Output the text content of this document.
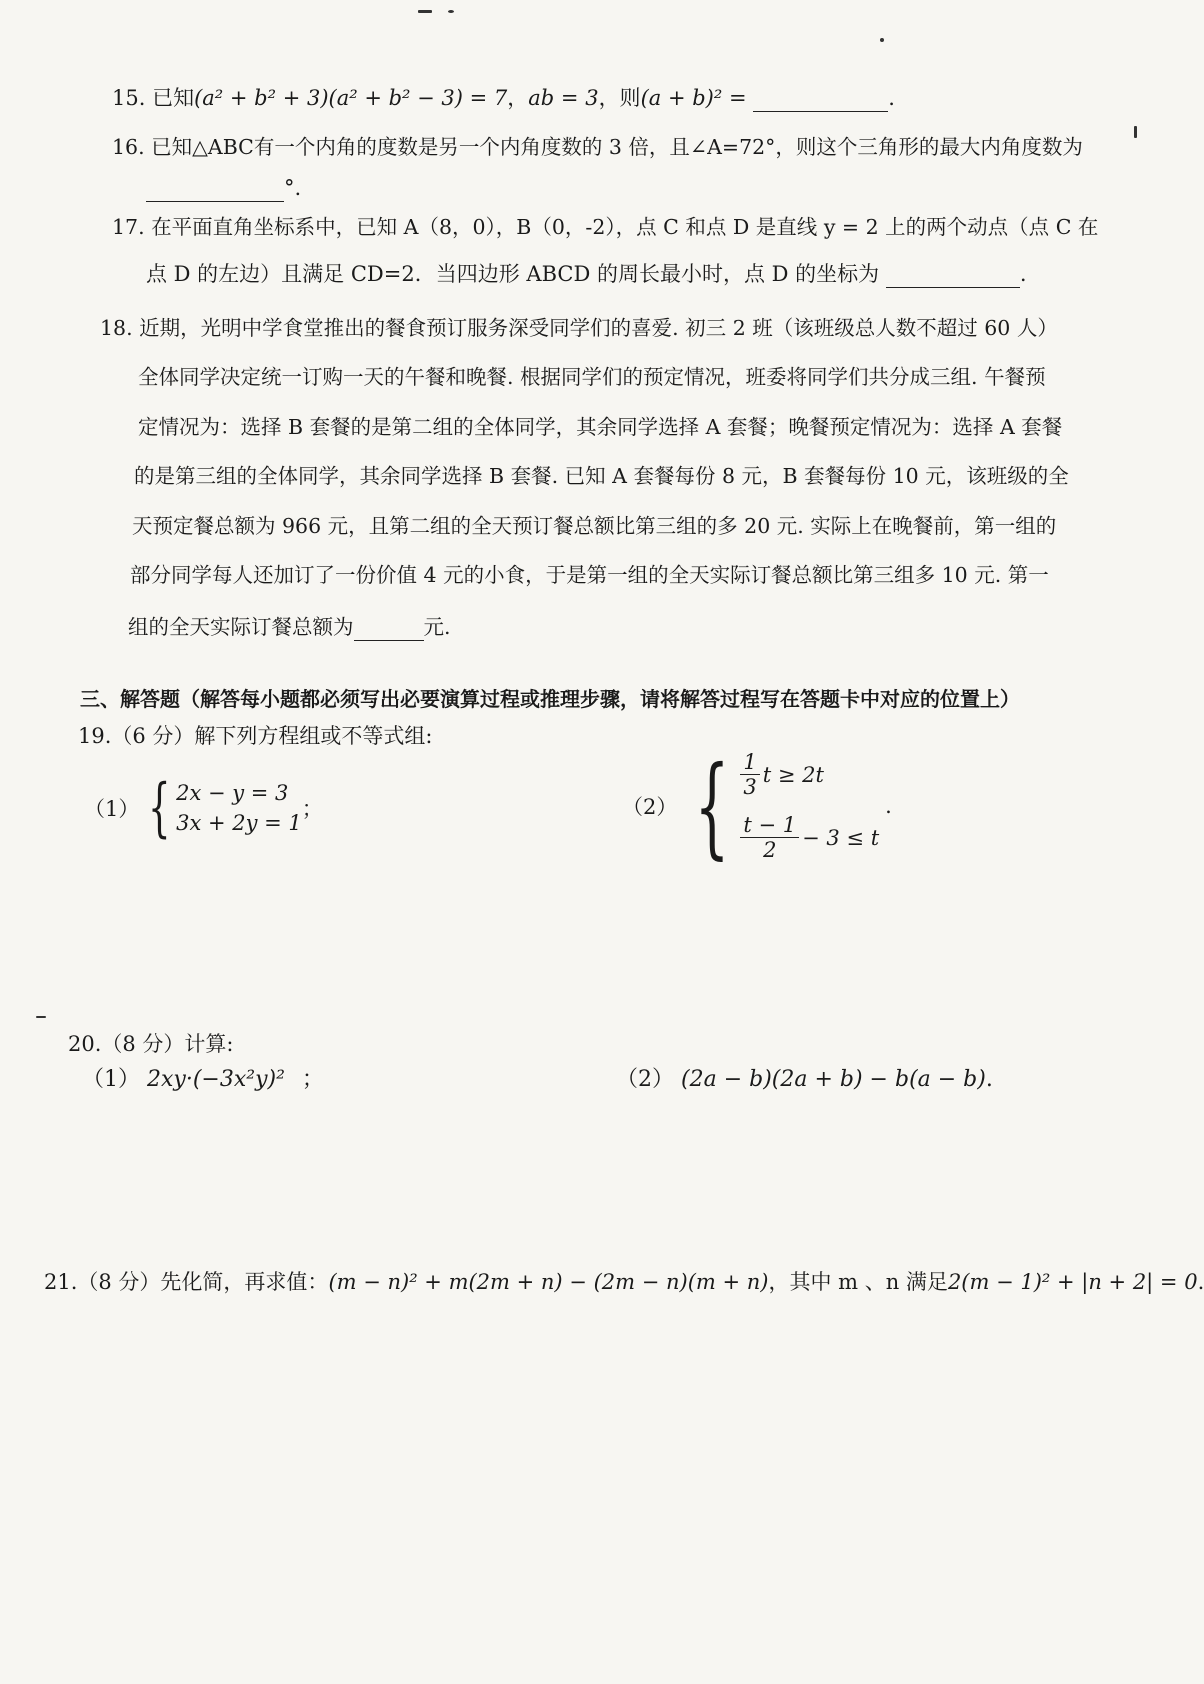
15. 已知(a² + b² + 3)(a² + b² − 3) = 7，ab = 3，则(a + b)² =	.
16. 已知△ABC有一个内角的度数是另一个内角度数的 3 倍，且∠A=72°，则这个三角形的最大内角度数为
°.
17. 在平面直角坐标系中，已知 A（8，0），B（0，-2），点 C 和点 D 是直线 y = 2 上的两个动点（点 C 在
点 D 的左边）且满足 CD=2．当四边形 ABCD 的周长最小时，点 D 的坐标为	.
18. 近期，光明中学食堂推出的餐食预订服务深受同学们的喜爱. 初三 2 班（该班级总人数不超过 60 人）
全体同学决定统一订购一天的午餐和晚餐. 根据同学们的预定情况，班委将同学们共分成三组. 午餐预
定情况为：选择 B 套餐的是第二组的全体同学，其余同学选择 A 套餐；晚餐预定情况为：选择 A 套餐
的是第三组的全体同学，其余同学选择 B 套餐. 已知 A 套餐每份 8 元，B 套餐每份 10 元，该班级的全
天预定餐总额为 966 元，且第二组的全天预订餐总额比第三组的多 20 元. 实际上在晚餐前，第一组的
部分同学每人还加订了一份价值 4 元的小食，于是第一组的全天实际订餐总额比第三组多 10 元. 第一
组的全天实际订餐总额为	元.
三、解答题（解答每小题都必须写出必要演算过程或推理步骤，请将解答过程写在答题卡中对应的位置上）
19.（6 分）解下列方程组或不等式组:
（1） { 2x − y = 3
3x + 2y = 1
；	（2） { $\frac{1}{3}$ t ≥ 2t
$\frac{t - 1}{2} - 3 \le t$
.
20.（8 分）计算:
（1） 2xy·(−3x²y)² ；	（2） (2a − b)(2a + b) − b(a − b).
21.（8 分）先化简，再求值：(m − n)² + m(2m + n) − (2m − n)(m + n)，其中 m 、n 满足2(m − 1)² + |n + 2| = 0.
